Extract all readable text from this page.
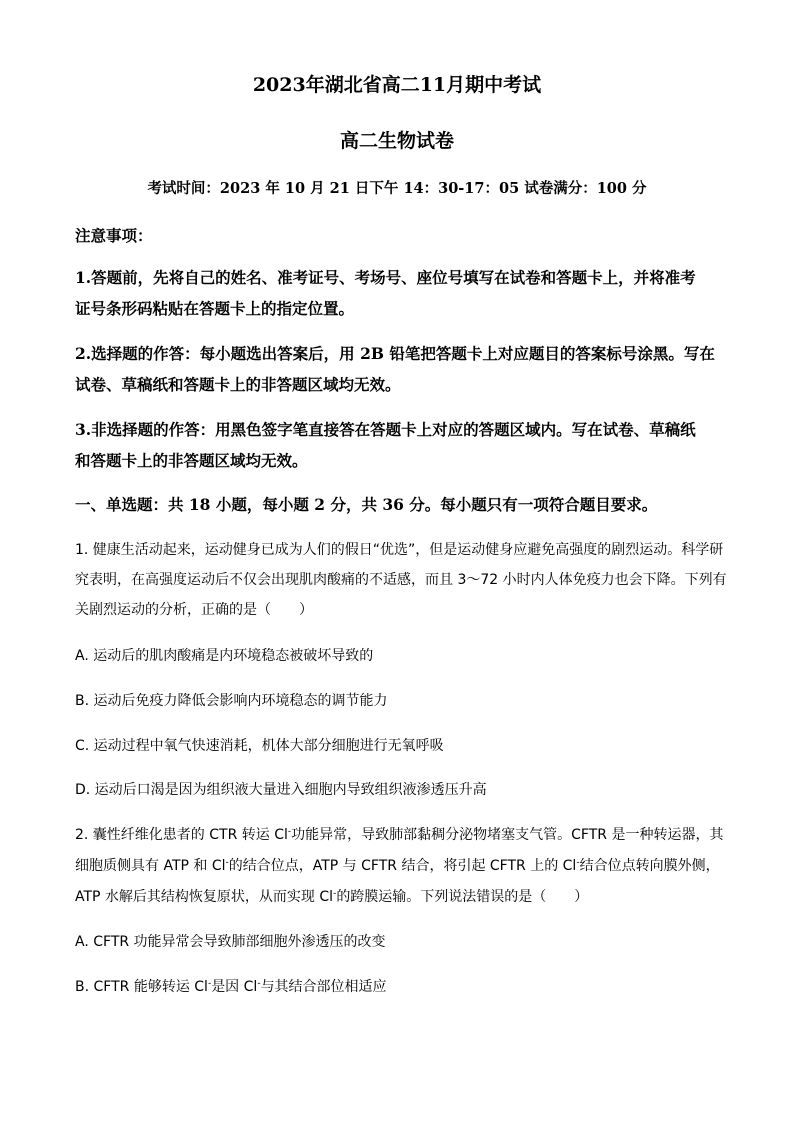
2023年湖北省高二11月期中考试
高二生物试卷
考试时间：2023 年 10 月 21 日下午 14：30-17：05 试卷满分：100 分
注意事项：
1.答题前，先将自己的姓名、准考证号、考场号、座位号填写在试卷和答题卡上，并将准考
证号条形码粘贴在答题卡上的指定位置。
2.选择题的作答：每小题选出答案后，用 2B 铅笔把答题卡上对应题目的答案标号涂黑。写在
试卷、草稿纸和答题卡上的非答题区域均无效。
3.非选择题的作答：用黑色签字笔直接答在答题卡上对应的答题区域内。写在试卷、草稿纸
和答题卡上的非答题区域均无效。
一、单选题：共 18 小题，每小题 2 分，共 36 分。每小题只有一项符合题目要求。
1. 健康生活动起来，运动健身已成为人们的假日“优选”，但是运动健身应避免高强度的剧烈运动。科学研
究表明，在高强度运动后不仅会出现肌肉酸痛的不适感，而且 3～72 小时内人体免疫力也会下降。下列有
关剧烈运动的分析，正确的是（　　）
A. 运动后的肌肉酸痛是内环境稳态被破坏导致的
B. 运动后免疫力降低会影响内环境稳态的调节能力
C. 运动过程中氧气快速消耗，机体大部分细胞进行无氧呼吸
D. 运动后口渴是因为组织液大量进入细胞内导致组织液渗透压升高
2. 囊性纤维化患者的 CTR 转运 Cl-功能异常，导致肺部黏稠分泌物堵塞支气管。CFTR 是一种转运器，其
细胞质侧具有 ATP 和 Cl-的结合位点，ATP 与 CFTR 结合，将引起 CFTR 上的 Cl-结合位点转向膜外侧，
ATP 水解后其结构恢复原状，从而实现 Cl-的跨膜运输。下列说法错误的是（　　）
A. CFTR 功能异常会导致肺部细胞外渗透压的改变
B. CFTR 能够转运 Cl-是因 Cl-与其结合部位相适应
